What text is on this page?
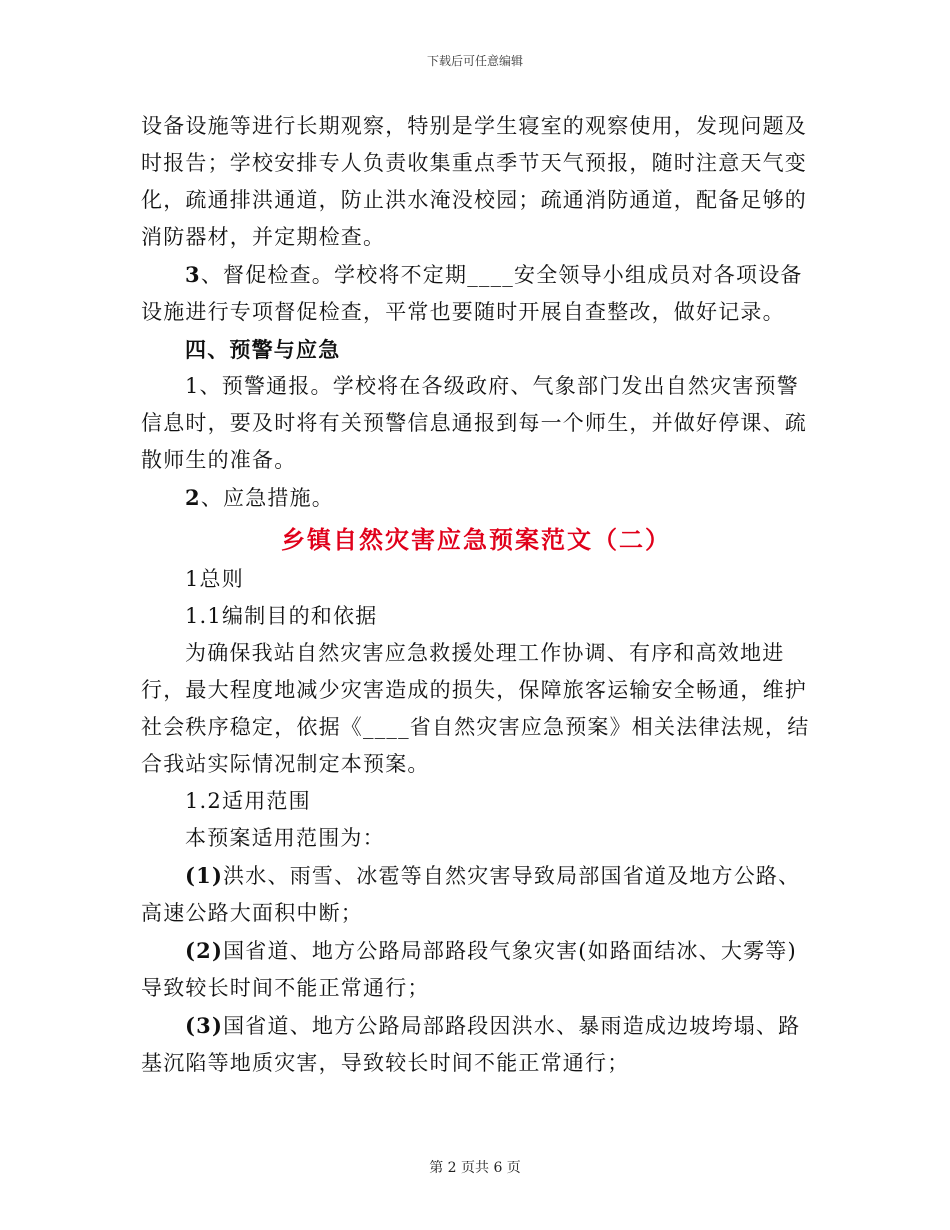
下载后可任意编辑

设备设施等进行长期观察，特别是学生寝室的观察使用，发现问题及时报告；学校安排专人负责收集重点季节天气预报，随时注意天气变化，疏通排洪通道，防止洪水淹没校园；疏通消防通道，配备足够的消防器材，并定期检查。

3、督促检查。学校将不定期____安全领导小组成员对各项设备设施进行专项督促检查，平常也要随时开展自查整改，做好记录。

四、预警与应急

1、预警通报。学校将在各级政府、气象部门发出自然灾害预警信息时，要及时将有关预警信息通报到每一个师生，并做好停课、疏散师生的准备。

2、应急措施。

乡镇自然灾害应急预案范文（二）

1总则

1.1编制目的和依据

为确保我站自然灾害应急救援处理工作协调、有序和高效地进行，最大程度地减少灾害造成的损失，保障旅客运输安全畅通，维护社会秩序稳定，依据《____省自然灾害应急预案》相关法律法规，结合我站实际情况制定本预案。

1.2适用范围

本预案适用范围为：

(1)洪水、雨雪、冰雹等自然灾害导致局部国省道及地方公路、高速公路大面积中断；

(2)国省道、地方公路局部路段气象灾害(如路面结冰、大雾等)导致较长时间不能正常通行；

(3)国省道、地方公路局部路段因洪水、暴雨造成边坡垮塌、路基沉陷等地质灾害，导致较长时间不能正常通行；

第 2 页共 6 页
